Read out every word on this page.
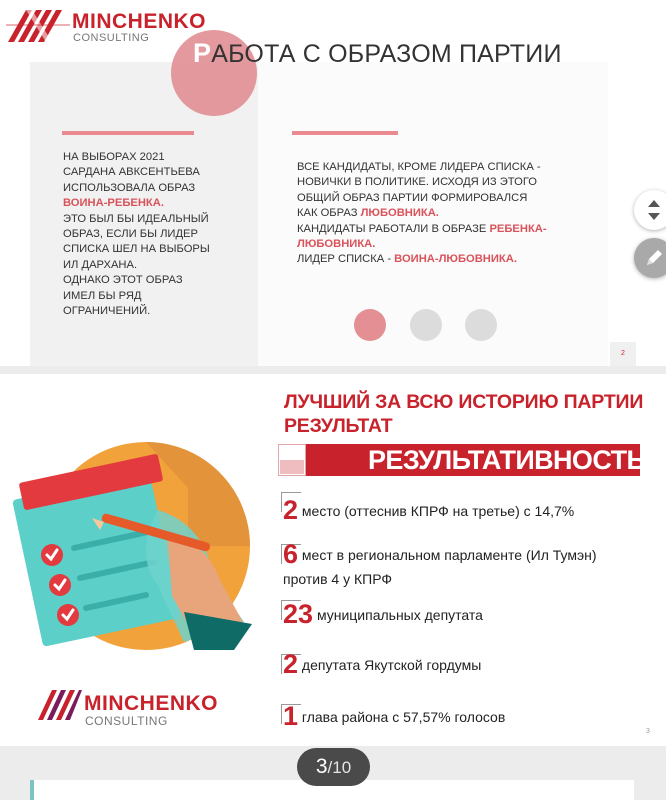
MINCHENKO
CONSULTING РАБОТА С ОБРАЗОМ ПАРТИИ
НА ВЫБОРАХ 2021
САРДАНА АВКСЕНТЬЕВА
ИСПОЛЬЗОВАЛА ОБРАЗ
ВОИНА-РЕБЕНКА.
ЭТО БЫЛ БЫ ИДЕАЛЬНЫЙ
ОБРАЗ, ЕСЛИ БЫ ЛИДЕР
СПИСКА ШЕЛ НА ВЫБОРЫ
ИЛ ДАРХАНА.
ОДНАКО ЭТОТ ОБРАЗ
ИМЕЛ БЫ РЯД
ОГРАНИЧЕНИЙ.
ВСЕ КАНДИДАТЫ, КРОМЕ ЛИДЕРА СПИСКА -
НОВИЧКИ В ПОЛИТИКЕ. ИСХОДЯ ИЗ ЭТОГО
ОБЩИЙ ОБРАЗ ПАРТИИ ФОРМИРОВАЛСЯ
КАК ОБРАЗ ЛЮБОВНИКА.
КАНДИДАТЫ РАБОТАЛИ В ОБРАЗЕ РЕБЕНКА-
ЛЮБОВНИКА.
ЛИДЕР СПИСКА - ВОИНА-ЛЮБОВНИКА.
2
ЛУЧШИЙ ЗА ВСЮ ИСТОРИЮ ПАРТИИ
РЕЗУЛЬТАТ
РЕЗУЛЬТАТИВНОСТЬ
2 место (оттеснив КПРФ на третье) с 14,7%
6 мест в региональном парламенте (Ил Тумэн)
против 4 у КПРФ
23 муниципальных депутата
2 депутата Якутской гордумы
1 глава района с 57,57% голосов
MINCHENKO
CONSULTING
3
3/10
